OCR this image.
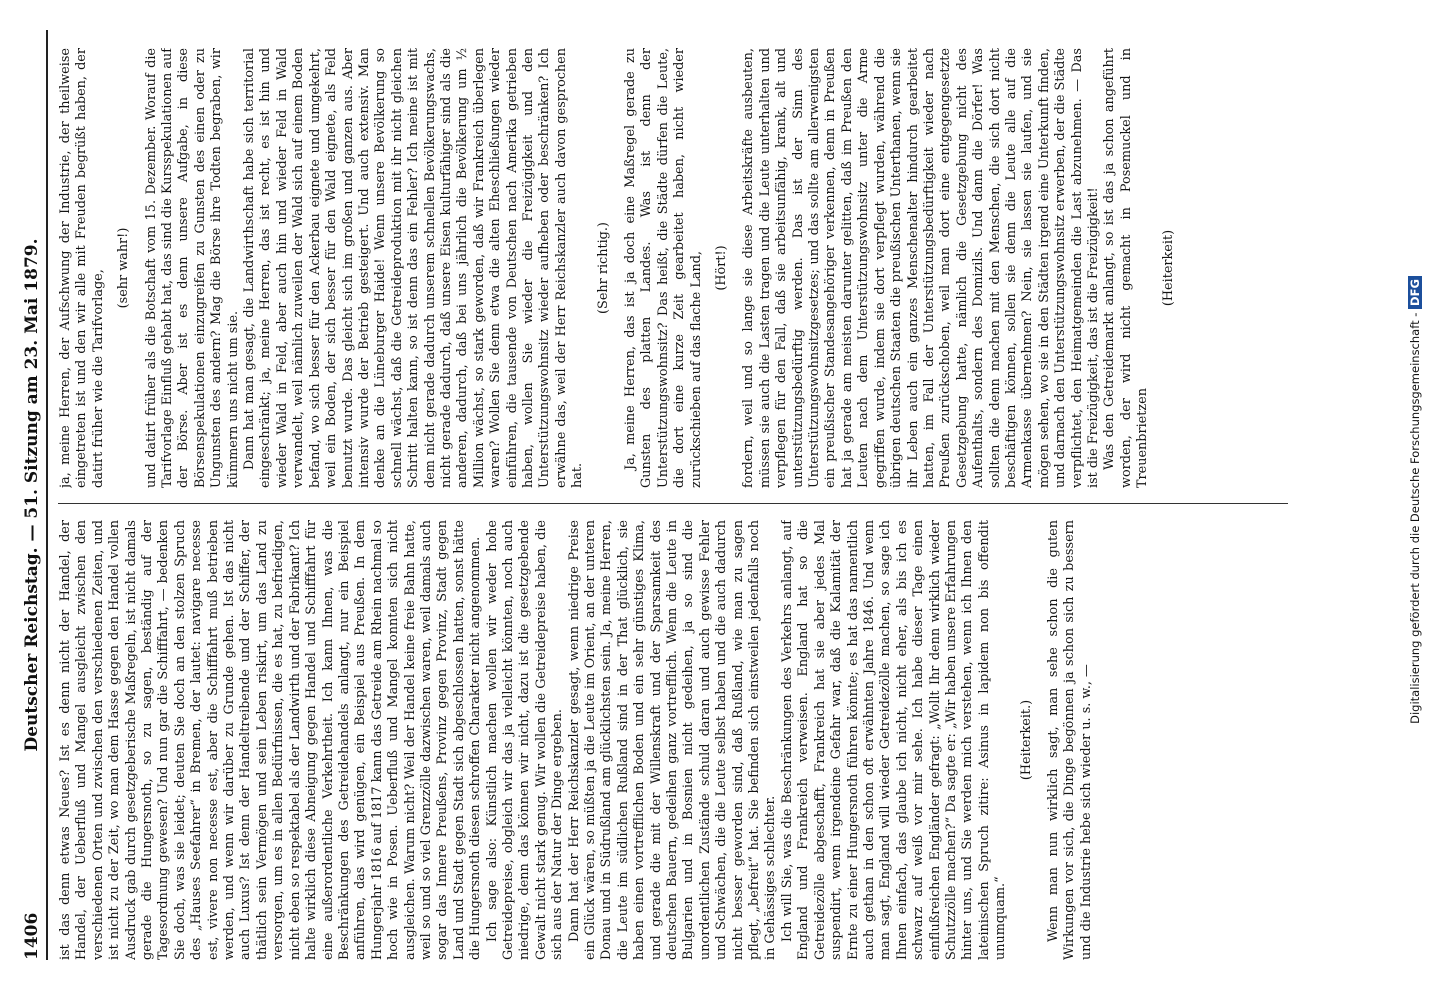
1406
Deutscher Reichstag. — 51. Sitzung am 23. Mai 1879. ist das denn etwas Neues? Ist es denn nicht der Handel, der Handel, der Ueberfluß und Mangel ausgleicht zwischen den verschiedenen Orten und zwischen den verschiedenen Zeiten, und ist nicht zu der Zeit, wo man dem Hasse gegen den Handel vollen Ausdruck gab durch gesetzgeberische Maßregeln, ist nicht damals gerade die Hungersnoth, so zu sagen, beständig auf der Tagesordnung gewesen? Und nun gar die Schifffahrt, — bedenken Sie doch, was sie leidet; deuten Sie doch an den stolzen Spruch des „Hauses Seefahrer“ in Bremen, der lautet: navigare necesse est, vivere non necesse est, aber die Schifffahrt muß betrieben werden, und wenn wir darüber zu Grunde gehen. Ist das nicht auch Luxus? Ist denn der Handeltreibende und der Schiffer, der thätlich sein Vermögen und sein Leben riskirt, um das Land zu versorgen, um es in allen Bedürfnissen, die es hat, zu befriedigen, nicht eben so respektabel als der Landwirth und der Fabrikant? Ich halte wirklich diese Abneigung gegen Handel und Schifffahrt für eine außerordentliche Verkehrtheit. Ich kann Ihnen, was die Beschränkungen des Getreidehandels anlangt, nur ein Beispiel anführen, das wird genügen, ein Beispiel aus Preußen. In dem Hungerjahr 1816 auf 1817 kann das Getreide am Rhein nachmal so hoch wie in Posen. Ueberfluß und Mangel konnten sich nicht ausgleichen. Warum nicht? Weil der Handel keine freie Bahn hatte, weil so und so viel Grenzzölle dazwischen waren, weil damals auch sogar das Innere Preußens, Provinz gegen Provinz, Stadt gegen Land und Stadt gegen Stadt sich abgeschlossen hatten, sonst hätte die Hungersnoth diesen schroffen Charakter nicht angenommen. Ich sage also: Künstlich machen wollen wir weder hohe Getreidepreise, obgleich wir das ja vielleicht könnten, noch auch niedrige, denn das können wir nicht, dazu ist die gesetzgebende Gewalt nicht stark genug. Wir wollen die Getreidepreise haben, die sich aus der Natur der Dinge ergeben. Dann hat der Herr Reichskanzler gesagt, wenn niedrige Preise ein Glück wären, so müßten ja die Leute im Orient, an der unteren Donau und in Südrußland am glücklichsten sein. Ja, meine Herren, die Leute im südlichen Rußland sind in der That glücklich, sie haben einen vortrefflichen Boden und ein sehr günstiges Klima, und gerade die mit der Willenskraft und der Sparsamkeit des deutschen Bauern, gedeihen ganz vortrefflich. Wenn die Leute in Bulgarien und in Bosnien nicht gedeihen, ja so sind die unordentlichen Zustände schuld daran und auch gewisse Fehler und Schwächen, die die Leute selbst haben und die auch dadurch nicht besser geworden sind, daß Rußland, wie man zu sagen pflegt, „befreit“ hat. Sie befinden sich einstweilen jedenfalls noch in Gehässiges schlechter. Ich will Sie, was die Beschränkungen des Verkehrs anlangt, auf England und Frankreich verweisen. England hat so die Getreidezölle abgeschafft, Frankreich hat sie aber jedes Mal suspendirt, wenn irgendeine Gefahr war, daß die Kalamität der Ernte zu einer Hungersnoth führen könnte; es hat das namentlich auch gethan in den schon oft erwähnten Jahre 1846. Und wenn man sagt, England will wieder Getreidezölle machen, so sage ich Ihnen einfach, das glaube ich nicht, nicht eher, als bis ich es schwarz auf weiß vor mir sehe. Ich habe dieser Tage einen einflußreichen Engländer gefragt: „Wollt Ihr denn wirklich wieder Schutzzölle machen?“ Da sagte er: „Wir haben unsere Erfahrungen hinter uns, und Sie werden mich verstehen, wenn ich Ihnen den lateinischen Spruch zitire: Asinus in lapidem non bis offendit unumquam.“

(Heiterkeit.) Wenn man nun wirklich sagt, man sehe schon die guten Wirkungen vor sich, die Dinge begönnen ja schon sich zu bessern und die Industrie hebe sich wieder u. s. w., —

ja, meine Herren, der Aufschwung der Industrie, der theilweise eingetreten ist und den wir alle mit Freuden begrüßt haben, der datirt früher wie die Tarifvorlage,

(sehr wahr!) und datirt früher als die Botschaft vom 15. Dezember. Worauf die Tarifvorlage Einfluß gehabt hat, das sind die Kursspekulationen auf der Börse. Aber ist es denn unsere Aufgabe, in diese Börsenspekulationen einzugreifen zu Gunsten des einen oder zu Ungunsten des andern? Mag die Börse ihre Todten begraben, wir kümmern uns nicht um sie. Dann hat man gesagt, die Landwirthschaft habe sich territorial eingeschränkt; ja, meine Herren, das ist recht, es ist hin und wieder Wald in Feld, aber auch hin und wieder Feld in Wald verwandelt, weil nämlich zuweilen der Wald sich auf einem Boden befand, wo sich besser für den Ackerbau eignete und umgekehrt, weil ein Boden, der sich besser für den Wald eignete, als Feld benutzt wurde. Das gleicht sich im großen und ganzen aus. Aber intensiv wurde der Betrieb gesteigert. Und auch extensiv. Man denke an die Lüneburger Haide! Wenn unsere Bevölkerung so schnell wächst, daß die Getreideproduktion mit ihr nicht gleichen Schritt halten kann, so ist denn das ein Fehler? Ich meine ist mit dem nicht gerade dadurch unserem schnellen Bevölkerungswachs, nicht gerade dadurch, daß unsere Eisen kulturfähiger sind als die anderen, dadurch, daß bei uns jährlich die Bevölkerung um ½ Million wächst, so stark geworden, daß wir Frankreich überlegen waren? Wollen Sie denn etwa die alten Eheschließungen wieder einführen, die tausende von Deutschen nach Amerika getrieben haben, wollen Sie wieder die Freizügigkeit und den Unterstützungswohnsitz wieder aufheben oder beschränken? Ich erwähne das, weil der Herr Reichskanzler auch davon gesprochen hat.

(Sehr richtig.) Ja, meine Herren, das ist ja doch eine Maßregel gerade zu Gunsten des platten Landes. Was ist denn der Unterstützungswohnsitz? Das heißt, die Städte dürfen die Leute, die dort eine kurze Zeit gearbeitet haben, nicht wieder zurückschieben auf das flache Land, (Hört!) fordern, weil und so lange sie diese Arbeitskräfte ausbeuten, müssen sie auch die Lasten tragen und die Leute unterhalten und verpflegen für den Fall, daß sie arbeitsunfähig, krank, alt und unterstützungsbedürftig werden. Das ist der Sinn des Unterstützungswohnsitzgesetzes; und das sollte am allerwenigsten ein preußischer Standesangehöriger verkennen, denn in Preußen hat ja gerade am meisten darunter gelitten, daß im Preußen den Leuten nach dem Unterstützungswohnsitz unter die Arme gegriffen wurde, indem sie dort verpflegt wurden, während die übrigen deutschen Staaten die preußischen Unterthanen, wenn sie ihr Leben auch ein ganzes Menschenalter hindurch gearbeitet hatten, im Fall der Unterstützungsbedürftigkeit wieder nach Preußen zurückschoben, weil man dort eine entgegengesetzte Gesetzgebung hatte, nämlich die Gesetzgebung nicht des Aufenthalts, sondern des Domizils. Und dann die Dörfer! Was sollten die denn machen mit den Menschen, die sich dort nicht beschäftigen können, sollen sie denn die Leute alle auf die Armenkasse übernehmen? Nein, sie lassen sie laufen, und sie mögen sehen, wo sie in den Städten irgend eine Unterkunft finden, und darnach den Unterstützungswohnsitz erwerben, der die Städte verpflichtet, den Heimatgemeinden die Last abzunehmen. — Das ist die Freizügigkeit, das ist die Freizügigkeit! Was den Getreidemarkt anlangt, so ist das ja schon angeführt worden, der wird nicht gemacht in Posemuckel und in Treuenbrietzen

(Heiterkeit)

Digitalisierung gefördert durch die Deutsche Forschungsgemeinschaft - DFG
